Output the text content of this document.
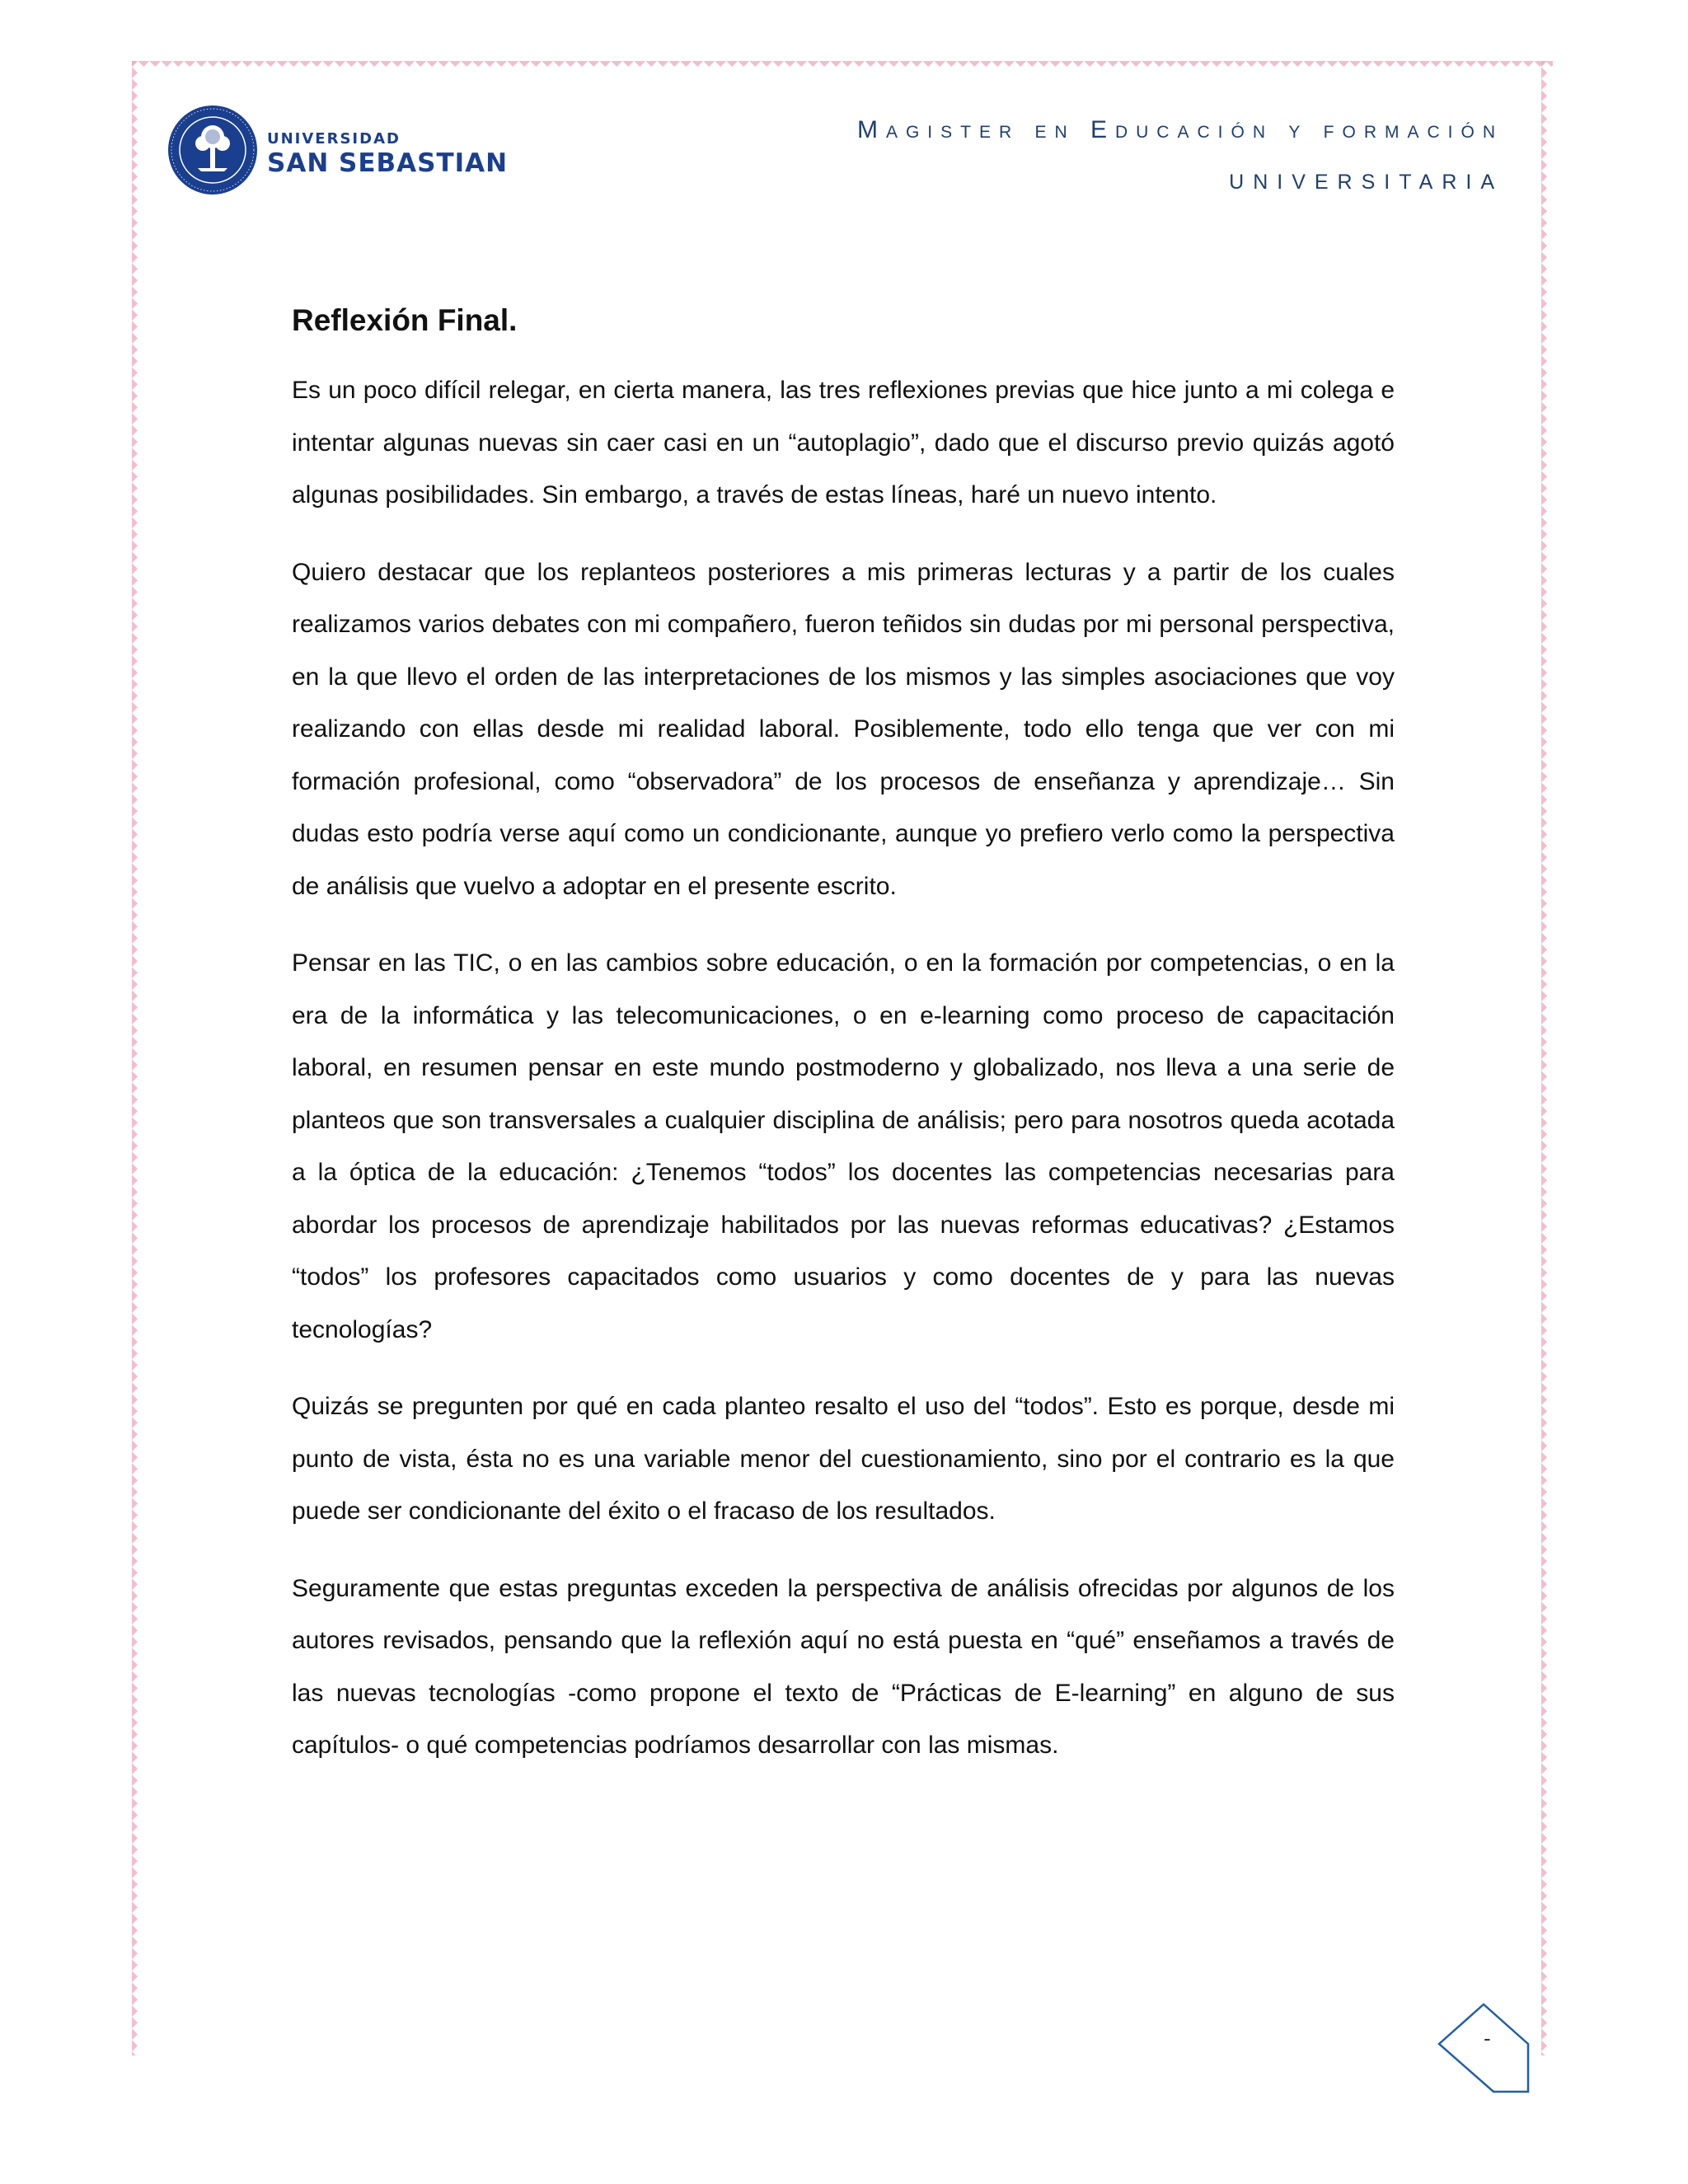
UNIVERSIDAD
SAN SEBASTIAN
Magister en Educación y formación
UNIVERSITARIA
Reflexión Final.

Es un poco difícil relegar, en cierta manera, las tres reflexiones previas que hice junto a mi colega e intentar algunas nuevas sin caer casi en un “autoplagio”, dado que el discurso previo quizás agotó algunas posibilidades. Sin embargo, a través de estas líneas, haré un nuevo intento.

Quiero destacar que los replanteos posteriores a mis primeras lecturas y a partir de los cuales realizamos varios debates con mi compañero, fueron teñidos sin dudas por mi personal perspectiva, en la que llevo el orden de las interpretaciones de los mismos y las simples asociaciones que voy realizando con ellas desde mi realidad laboral. Posiblemente, todo ello tenga que ver con mi formación profesional, como “observadora” de los procesos de enseñanza y aprendizaje… Sin dudas esto podría verse aquí como un condicionante, aunque yo prefiero verlo como la perspectiva de análisis que vuelvo a adoptar en el presente escrito.

Pensar en las TIC, o en las cambios sobre educación, o en la formación por competencias, o en la era de la informática y las telecomunicaciones, o en e-learning como proceso de capacitación laboral, en resumen pensar en este mundo postmoderno y globalizado, nos lleva a una serie de planteos que son transversales a cualquier disciplina de análisis; pero para nosotros queda acotada a la óptica de la educación: ¿Tenemos “todos” los docentes las competencias necesarias para abordar los procesos de aprendizaje habilitados por las nuevas reformas educativas? ¿Estamos “todos” los profesores capacitados como usuarios y como docentes de y para las nuevas tecnologías?

Quizás se pregunten por qué en cada planteo resalto el uso del “todos”. Esto es porque, desde mi punto de vista, ésta no es una variable menor del cuestionamiento, sino por el contrario es la que puede ser condicionante del éxito o el fracaso de los resultados.

Seguramente que estas preguntas exceden la perspectiva de análisis ofrecidas por algunos de los autores revisados, pensando que la reflexión aquí no está puesta en “qué” enseñamos a través de las nuevas tecnologías -como propone el texto de “Prácticas de E-learning” en alguno de sus capítulos- o qué competencias podríamos desarrollar con las mismas.

-
